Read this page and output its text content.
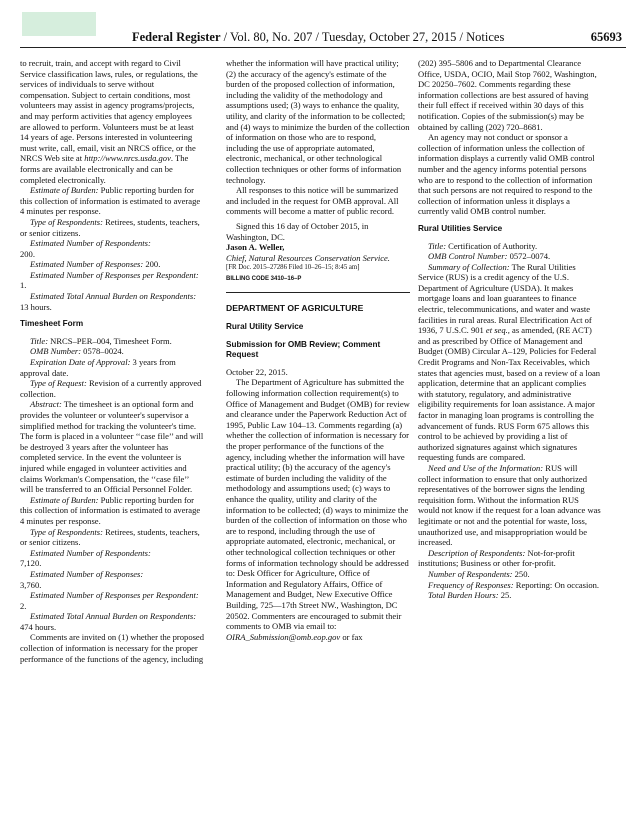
Federal Register / Vol. 80, No. 207 / Tuesday, October 27, 2015 / Notices	65693

to recruit, train, and accept with regard to Civil Service classification laws, rules, or regulations, the services of individuals to serve without compensation. Subject to certain conditions, most volunteers may assist in agency programs/projects, and may perform activities that agency employees are allowed to perform. Volunteers must be at least 14 years of age. Persons interested in volunteering must write, call, email, visit an NRCS office, or the NRCS Web site at http://www.nrcs.usda.gov. The forms are available electronically and can be completed electronically.

Estimate of Burden: Public reporting burden for this collection of information is estimated to average 4 minutes per response.

Type of Respondents: Retirees, students, teachers, or senior citizens.

Estimated Number of Respondents:
200.

Estimated Number of Responses: 200.

Estimated Number of Responses per Respondent: 1.

Estimated Total Annual Burden on Respondents: 13 hours.

Timesheet Form

Title: NRCS–PER–004, Timesheet Form.

OMB Number: 0578–0024.

Expiration Date of Approval: 3 years from approval date.

Type of Request: Revision of a currently approved collection.

Abstract: The timesheet is an optional form and provides the volunteer or volunteer's supervisor a simplified method for tracking the volunteer's time. The form is placed in a volunteer ‘‘case file’’ and will be destroyed 3 years after the volunteer has completed service. In the event the volunteer is injured while engaged in volunteer activities and claims Workman's Compensation, the ‘‘case file’’ will be transferred to an Official Personnel Folder.

Estimate of Burden: Public reporting burden for this collection of information is estimated to average 4 minutes per response.

Type of Respondents: Retirees, students, teachers, or senior citizens.

Estimated Number of Respondents:
7,120.

Estimated Number of Responses:
3,760.

Estimated Number of Responses per Respondent: 2.

Estimated Total Annual Burden on Respondents: 474 hours.

Comments are invited on (1) whether the proposed collection of information is necessary for the proper performance of the functions of the agency, including

whether the information will have practical utility; (2) the accuracy of the agency's estimate of the burden of the proposed collection of information, including the validity of the methodology and assumptions used; (3) ways to enhance the quality, utility, and clarity of the information to be collected; and (4) ways to minimize the burden of the collection of information on those who are to respond, including the use of appropriate automated, electronic, mechanical, or other technological collection techniques or other forms of information technology.

All responses to this notice will be summarized and included in the request for OMB approval. All comments will become a matter of public record.

Signed this 16 day of October 2015, in Washington, DC.

Jason A. Weller,

Chief, Natural Resources Conservation Service.

[FR Doc. 2015–27286 Filed 10–26–15; 8:45 am]

BILLING CODE 3410–16–P

DEPARTMENT OF AGRICULTURE
Rural Utility Service
Submission for OMB Review; Comment Request

October 22, 2015.

The Department of Agriculture has submitted the following information collection requirement(s) to Office of Management and Budget (OMB) for review and clearance under the Paperwork Reduction Act of 1995, Public Law 104–13. Comments regarding (a) whether the collection of information is necessary for the proper performance of the functions of the agency, including whether the information will have practical utility; (b) the accuracy of the agency's estimate of burden including the validity of the methodology and assumptions used; (c) ways to enhance the quality, utility and clarity of the information to be collected; (d) ways to minimize the burden of the collection of information on those who are to respond, including through the use of appropriate automated, electronic, mechanical, or other technological collection techniques or other forms of information technology should be addressed to: Desk Officer for Agriculture, Office of Information and Regulatory Affairs, Office of Management and Budget, New Executive Office Building, 725—17th Street NW., Washington, DC 20502. Commenters are encouraged to submit their comments to OMB via email to: OIRA_Submission@omb.eop.gov or fax

(202) 395–5806 and to Departmental Clearance Office, USDA, OCIO, Mail Stop 7602, Washington, DC 20250–7602. Comments regarding these information collections are best assured of having their full effect if received within 30 days of this notification. Copies of the submission(s) may be obtained by calling (202) 720–8681.

An agency may not conduct or sponsor a collection of information unless the collection of information displays a currently valid OMB control number and the agency informs potential persons who are to respond to the collection of information that such persons are not required to respond to the collection of information unless it displays a currently valid OMB control number.

Rural Utilities Service

Title: Certification of Authority.

OMB Control Number: 0572–0074.

Summary of Collection: The Rural Utilities Service (RUS) is a credit agency of the U.S. Department of Agriculture (USDA). It makes mortgage loans and loan guarantees to finance electric, telecommunications, and water and waste facilities in rural areas. Rural Electrification Act of 1936, 7 U.S.C. 901 et seq., as amended, (RE ACT) and as prescribed by Office of Management and Budget (OMB) Circular A–129, Policies for Federal Credit Programs and Non-Tax Receivables, which states that agencies must, based on a review of a loan application, determine that an applicant complies with statutory, regulatory, and administrative eligibility requirements for loan assistance. A major factor in managing loan programs is controlling the advancement of funds. RUS Form 675 allows this control to be achieved by providing a list of authorized signatures against which signatures requesting funds are compared.

Need and Use of the Information: RUS will collect information to ensure that only authorized representatives of the borrower signs the lending requisition form. Without the information RUS would not know if the request for a loan advance was legitimate or not and the potential for waste, loss, unauthorized use, and misappropriation would be increased.

Description of Respondents: Not-for-profit institutions; Business or other for-profit.

Number of Respondents: 250.

Frequency of Responses: Reporting: On occasion.

Total Burden Hours: 25.
